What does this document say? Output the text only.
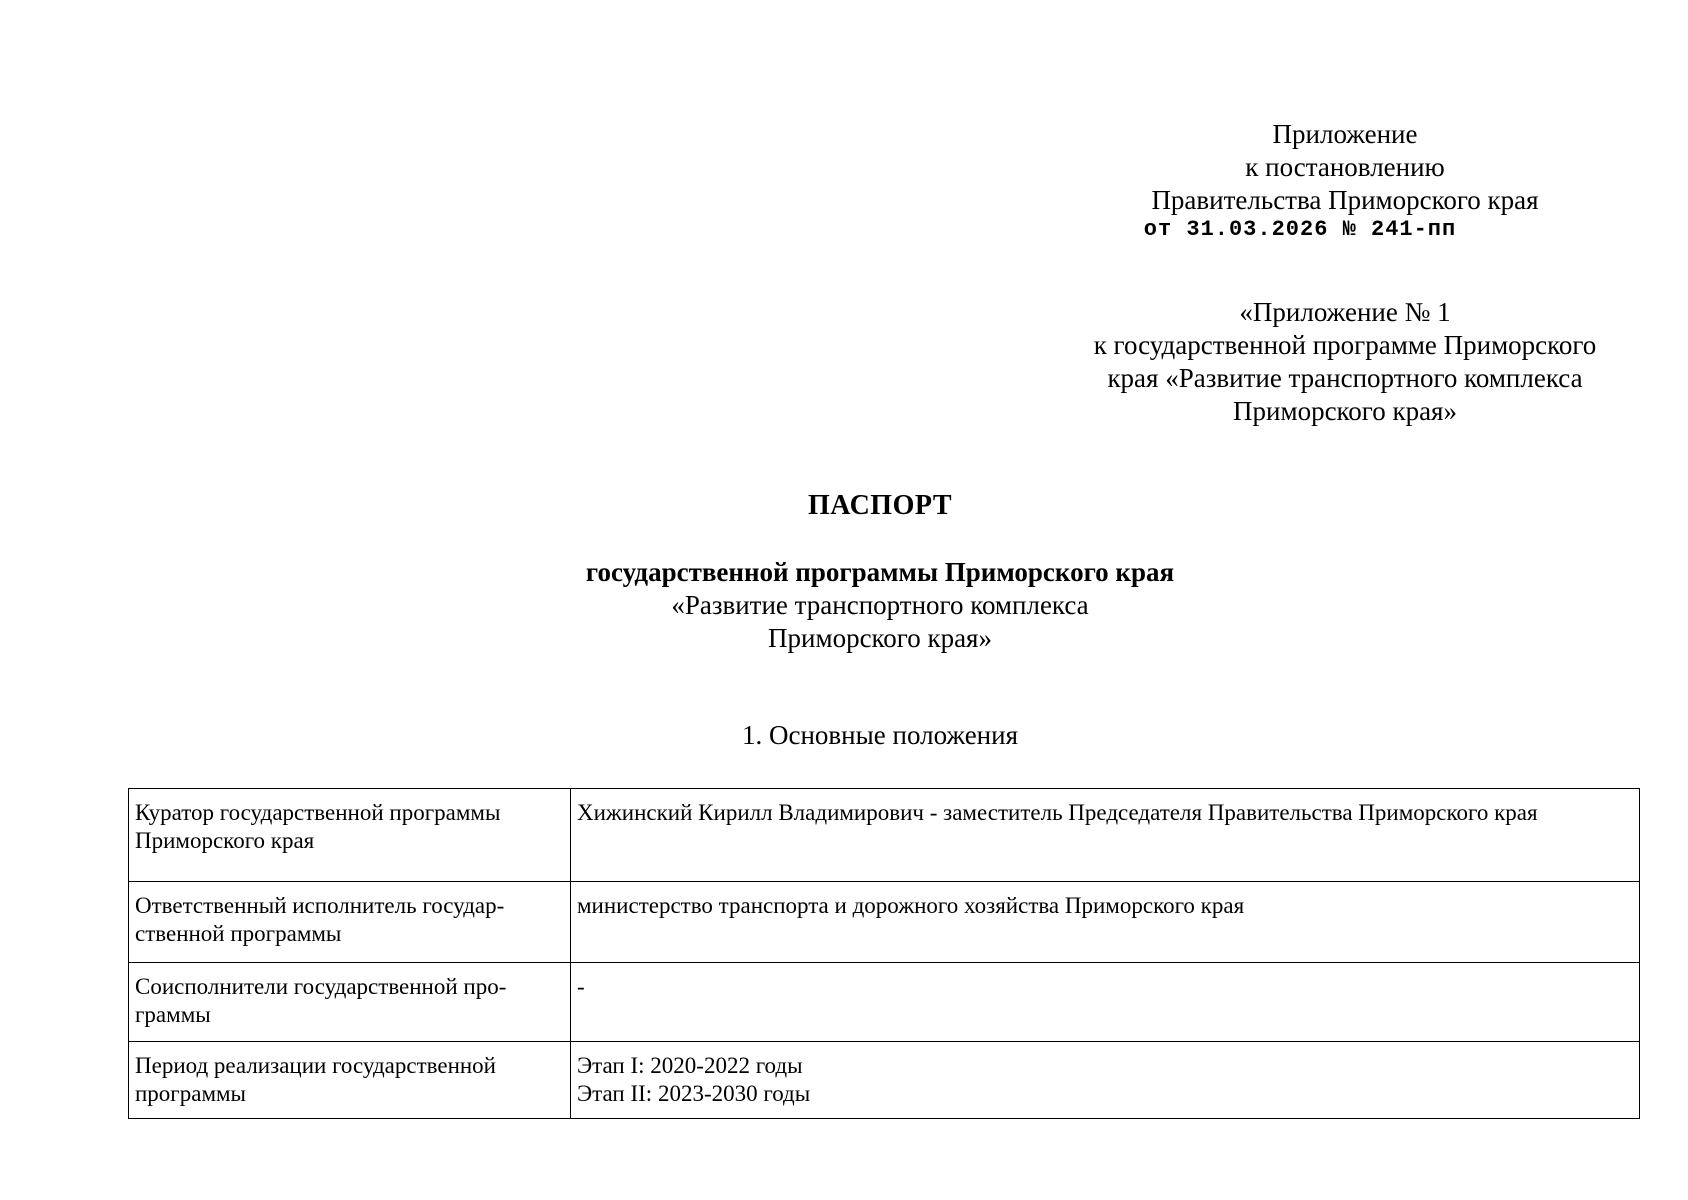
Приложение
к постановлению
Правительства Приморского края
от 31.03.2026 № 241-пп
«Приложение № 1
к государственной программе Приморского
края «Развитие транспортного комплекса
Приморского края»
ПАСПОРТ
государственной программы Приморского края
«Развитие транспортного комплекса
Приморского края»
1. Основные положения
Куратор государственной программы Приморского края	Хижинский Кирилл Владимирович - заместитель Председателя Правительства Приморского края

Ответственный исполнитель государ-ственной программы	министерство транспорта и дорожного хозяйства Приморского края

Соисполнители государственной про-граммы	-

Период реализации государственной программы	Этап I: 2020-2022 годы
Этап II: 2023-2030 годы
